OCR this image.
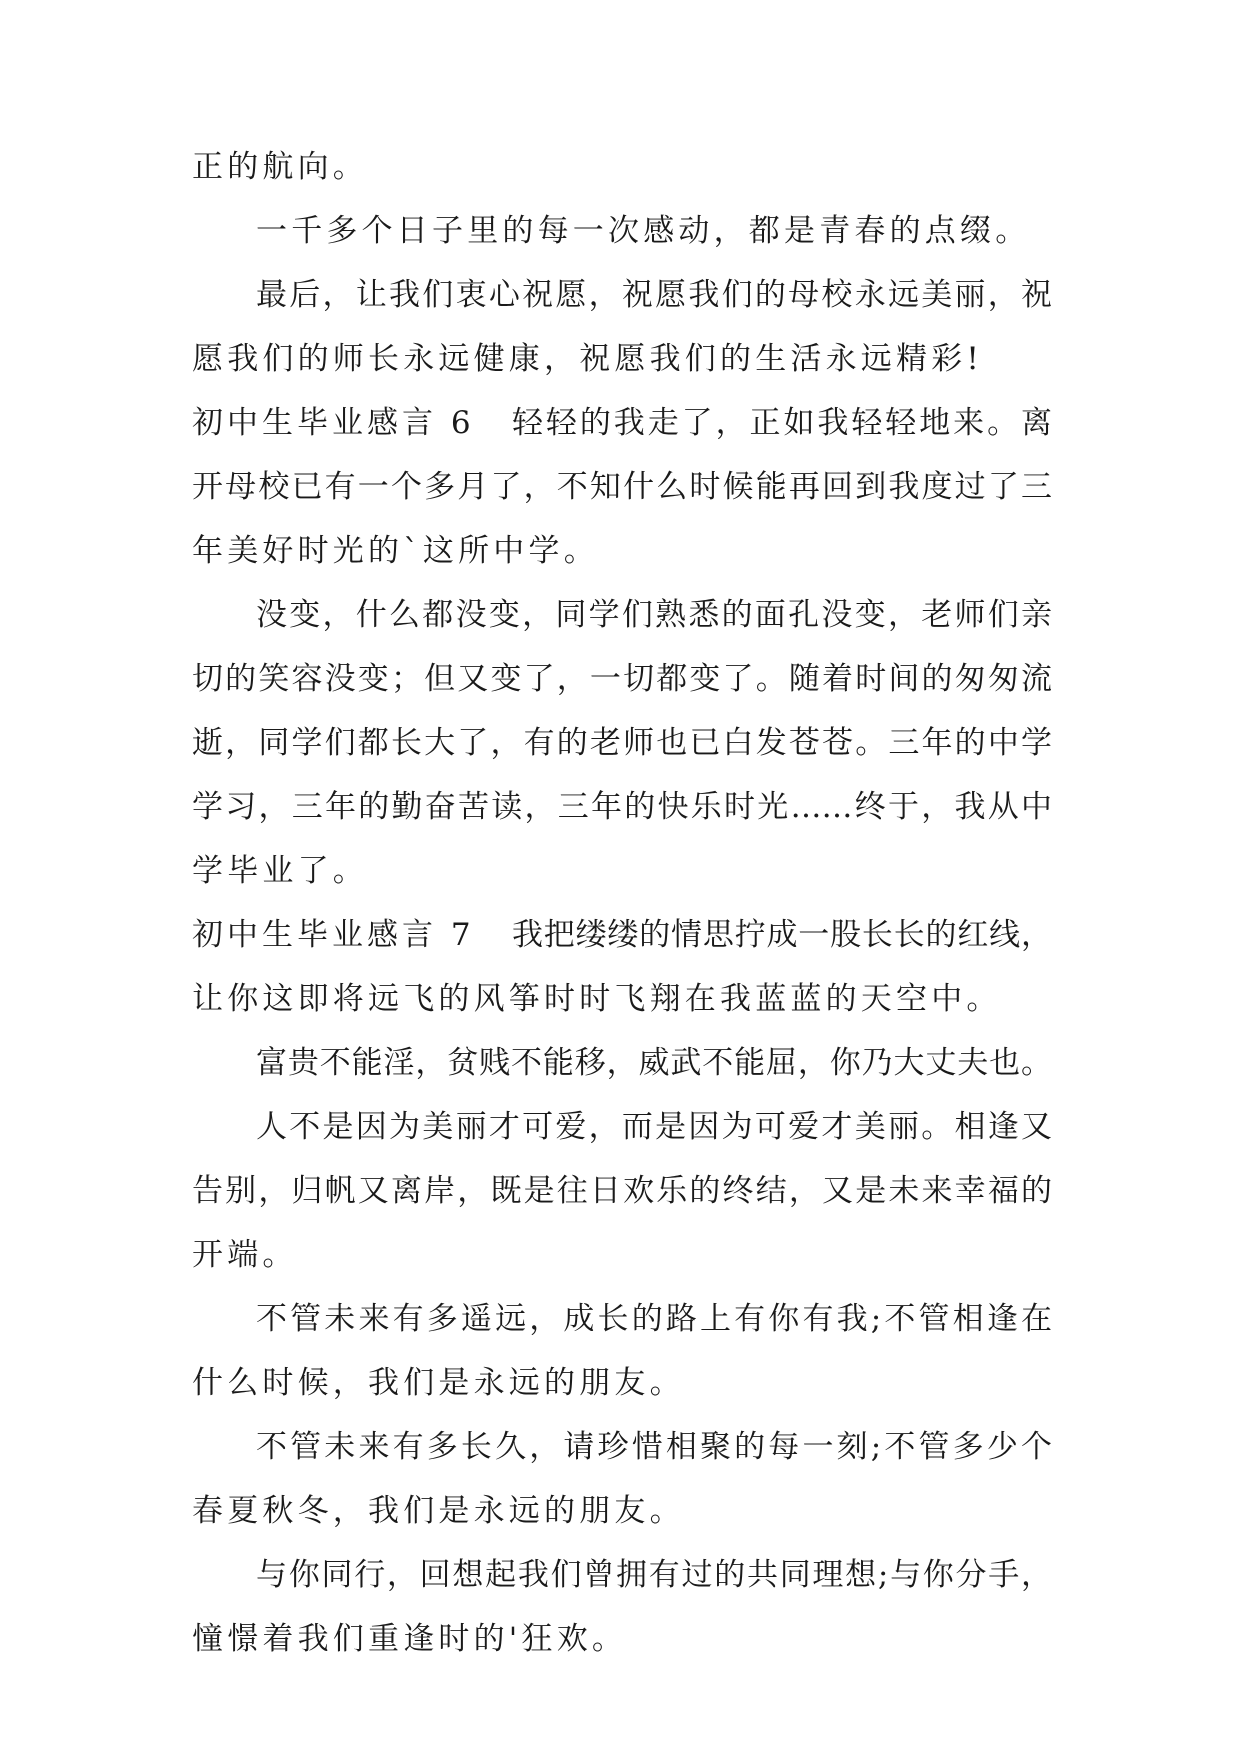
正的航向。
一千多个日子里的每一次感动，都是青春的点缀。
最后，让我们衷心祝愿，祝愿我们的母校永远美丽，祝
愿我们的师长永远健康，祝愿我们的生活永远精彩!
初中生毕业感言 6 轻轻的我走了，正如我轻轻地来。离
开母校已有一个多月了，不知什么时候能再回到我度过了三
年美好时光的`这所中学。
没变，什么都没变，同学们熟悉的面孔没变，老师们亲
切的笑容没变；但又变了，一切都变了。随着时间的匆匆流
逝，同学们都长大了，有的老师也已白发苍苍。三年的中学
学习，三年的勤奋苦读，三年的快乐时光……终于，我从中
学毕业了。
初中生毕业感言 7 我把缕缕的情思拧成一股长长的红线，
让你这即将远飞的风筝时时飞翔在我蓝蓝的天空中。
富贵不能淫，贫贱不能移，威武不能屈，你乃大丈夫也。
人不是因为美丽才可爱，而是因为可爱才美丽。相逢又
告别，归帆又离岸，既是往日欢乐的终结，又是未来幸福的
开端。
不管未来有多遥远，成长的路上有你有我;不管相逢在
什么时候，我们是永远的朋友。
不管未来有多长久，请珍惜相聚的每一刻;不管多少个
春夏秋冬，我们是永远的朋友。
与你同行，回想起我们曾拥有过的共同理想;与你分手，
憧憬着我们重逢时的'狂欢。
